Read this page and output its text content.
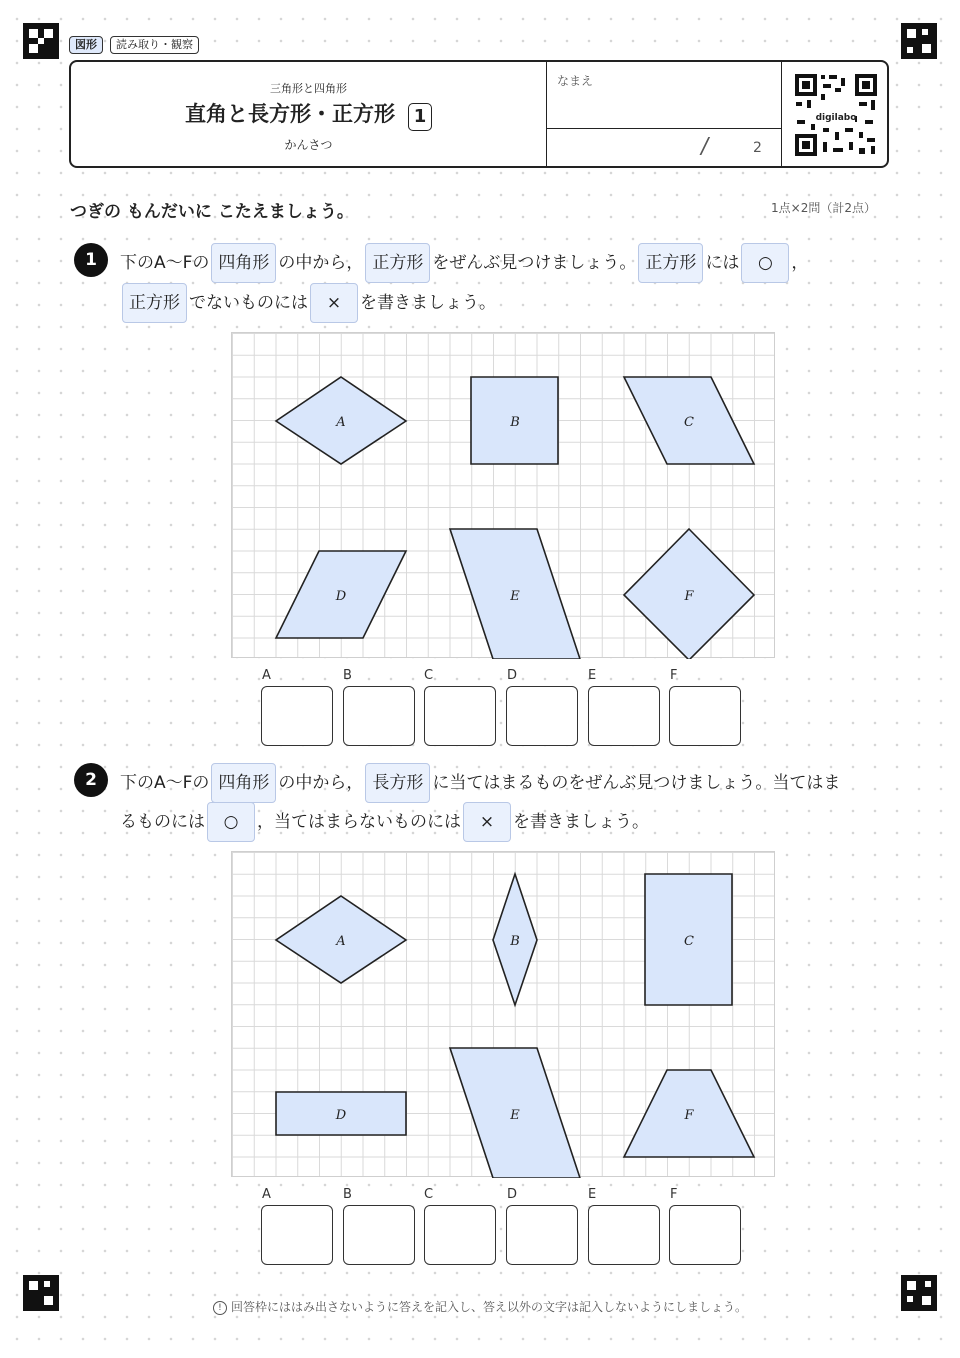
図形	読み取り・観察
三角形と四角形
直角と長方形・正方形 1
かんさつ
なまえ
/	2
digilabo
つぎの もんだいに こたえましょう。	1点×2問（計2点）
1	下のA～Fの 四角形 の中から， 正方形 をぜんぶ見つけましょう。 正方形 には ○ ，
正方形 でないものには × を書きましょう。
A	B	C
D	E	F
A	B	C	D	E	F
2	下のA～Fの 四角形 の中から， 長方形 に当てはまるものをぜんぶ見つけましょう。当てはま
るものには ○ ，当てはまらないものには × を書きましょう。
A	B	C
D	E	F
A	B	C	D	E	F
! 回答枠にははみ出さないように答えを記入し、答え以外の文字は記入しないようにしましょう。
